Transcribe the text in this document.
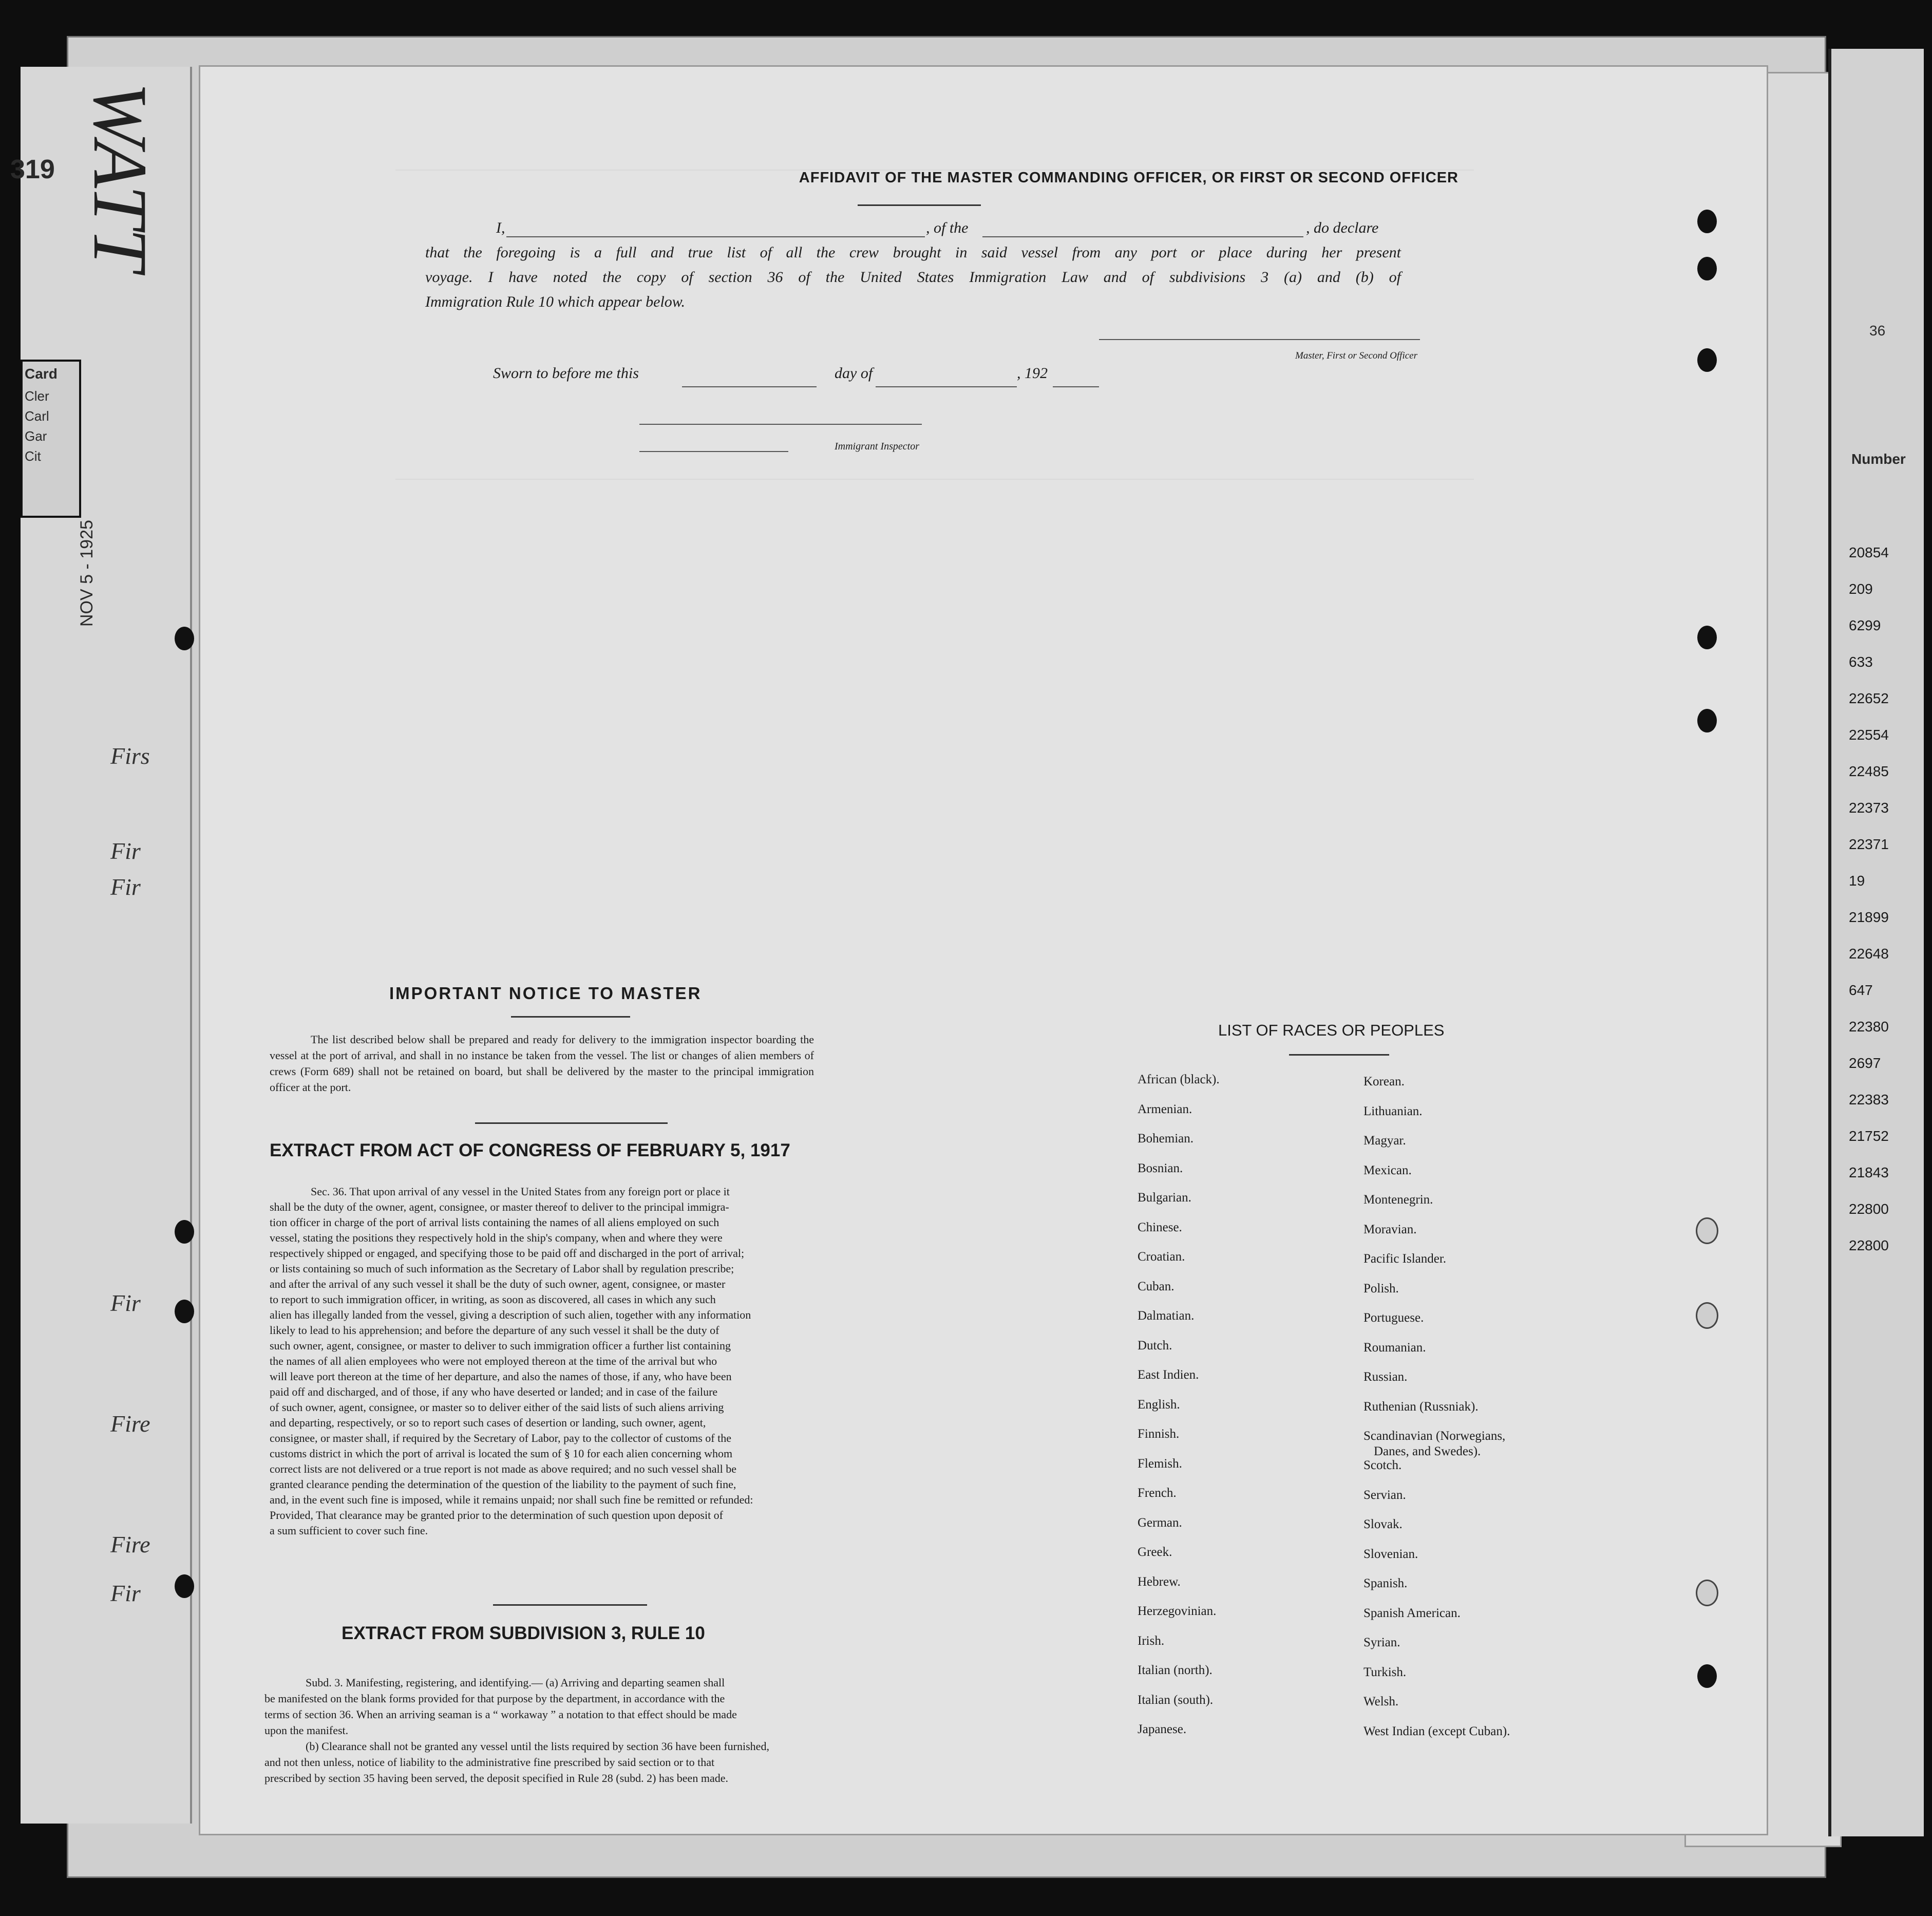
319
NOV 5 - 1925
WATT
Card
Cler
Carl
Gar
Cit
Firs
Fir
Fir
Fir
Fire
Fire
Fir
36
Number
20854
209
6299
633
22652
22554
22485
22373
22371
19
21899
22648
647
22380
2697
22383
21752
21843
22800
22800
AFFIDAVIT OF THE MASTER COMMANDING OFFICER, OR FIRST OR SECOND OFFICER
I,	, of the	, do declare
that the foregoing is a full and true list of all the crew brought in said vessel from any port or place during her present
voyage. I have noted the copy of section 36 of the United States Immigration Law and of subdivisions 3 (a) and (b) of
Immigration Rule 10 which appear below.
Master, First or Second Officer
Sworn to before me this	day of	, 192
Immigrant Inspector
IMPORTANT NOTICE TO MASTER
The list described below shall be prepared and ready for delivery to the immigration inspector boarding the vessel at the port of arrival, and shall in no instance be taken from the vessel. The list or changes of alien members of crews (Form 689) shall not be retained on board, but shall be delivered by the master to the principal immigration officer at the port.
EXTRACT FROM ACT OF CONGRESS OF FEBRUARY 5, 1917
Sec. 36. That upon arrival of any vessel in the United States from any foreign port or place it
shall be the duty of the owner, agent, consignee, or master thereof to deliver to the principal immigra-
tion officer in charge of the port of arrival lists containing the names of all aliens employed on such
vessel, stating the positions they respectively hold in the ship's company, when and where they were
respectively shipped or engaged, and specifying those to be paid off and discharged in the port of arrival;
or lists containing so much of such information as the Secretary of Labor shall by regulation prescribe;
and after the arrival of any such vessel it shall be the duty of such owner, agent, consignee, or master
to report to such immigration officer, in writing, as soon as discovered, all cases in which any such
alien has illegally landed from the vessel, giving a description of such alien, together with any information
likely to lead to his apprehension; and before the departure of any such vessel it shall be the duty of
such owner, agent, consignee, or master to deliver to such immigration officer a further list containing
the names of all alien employees who were not employed thereon at the time of the arrival but who
will leave port thereon at the time of her departure, and also the names of those, if any, who have been
paid off and discharged, and of those, if any who have deserted or landed; and in case of the failure
of such owner, agent, consignee, or master so to deliver either of the said lists of such aliens arriving
and departing, respectively, or so to report such cases of desertion or landing, such owner, agent,
consignee, or master shall, if required by the Secretary of Labor, pay to the collector of customs of the
customs district in which the port of arrival is located the sum of § 10 for each alien concerning whom
correct lists are not delivered or a true report is not made as above required; and no such vessel shall be
granted clearance pending the determination of the question of the liability to the payment of such fine,
and, in the event such fine is imposed, while it remains unpaid; nor shall such fine be remitted or refunded:
Provided, That clearance may be granted prior to the determination of such question upon deposit of
a sum sufficient to cover such fine.
EXTRACT FROM SUBDIVISION 3, RULE 10
Subd. 3. Manifesting, registering, and identifying.— (a) Arriving and departing seamen shall
be manifested on the blank forms provided for that purpose by the department, in accordance with the
terms of section 36. When an arriving seaman is a “ workaway ” a notation to that effect should be made
upon the manifest.
(b) Clearance shall not be granted any vessel until the lists required by section 36 have been furnished,
and not then unless, notice of liability to the administrative fine prescribed by said section or to that
prescribed by section 35 having been served, the deposit specified in Rule 28 (subd. 2) has been made.
LIST OF RACES OR PEOPLES
African (black).
Armenian.
Bohemian.
Bosnian.
Bulgarian.
Chinese.
Croatian.
Cuban.
Dalmatian.
Dutch.
East Indien.
English.
Finnish.
Flemish.
French.
German.
Greek.
Hebrew.
Herzegovinian.
Irish.
Italian (north).
Italian (south).
Japanese.
Korean.
Lithuanian.
Magyar.
Mexican.
Montenegrin.
Moravian.
Pacific Islander.
Polish.
Portuguese.
Roumanian.
Russian.
Ruthenian (Russniak).
Scandinavian (Norwegians,
Danes, and Swedes).
Scotch.
Servian.
Slovak.
Slovenian.
Spanish.
Spanish American.
Syrian.
Turkish.
Welsh.
West Indian (except Cuban).
